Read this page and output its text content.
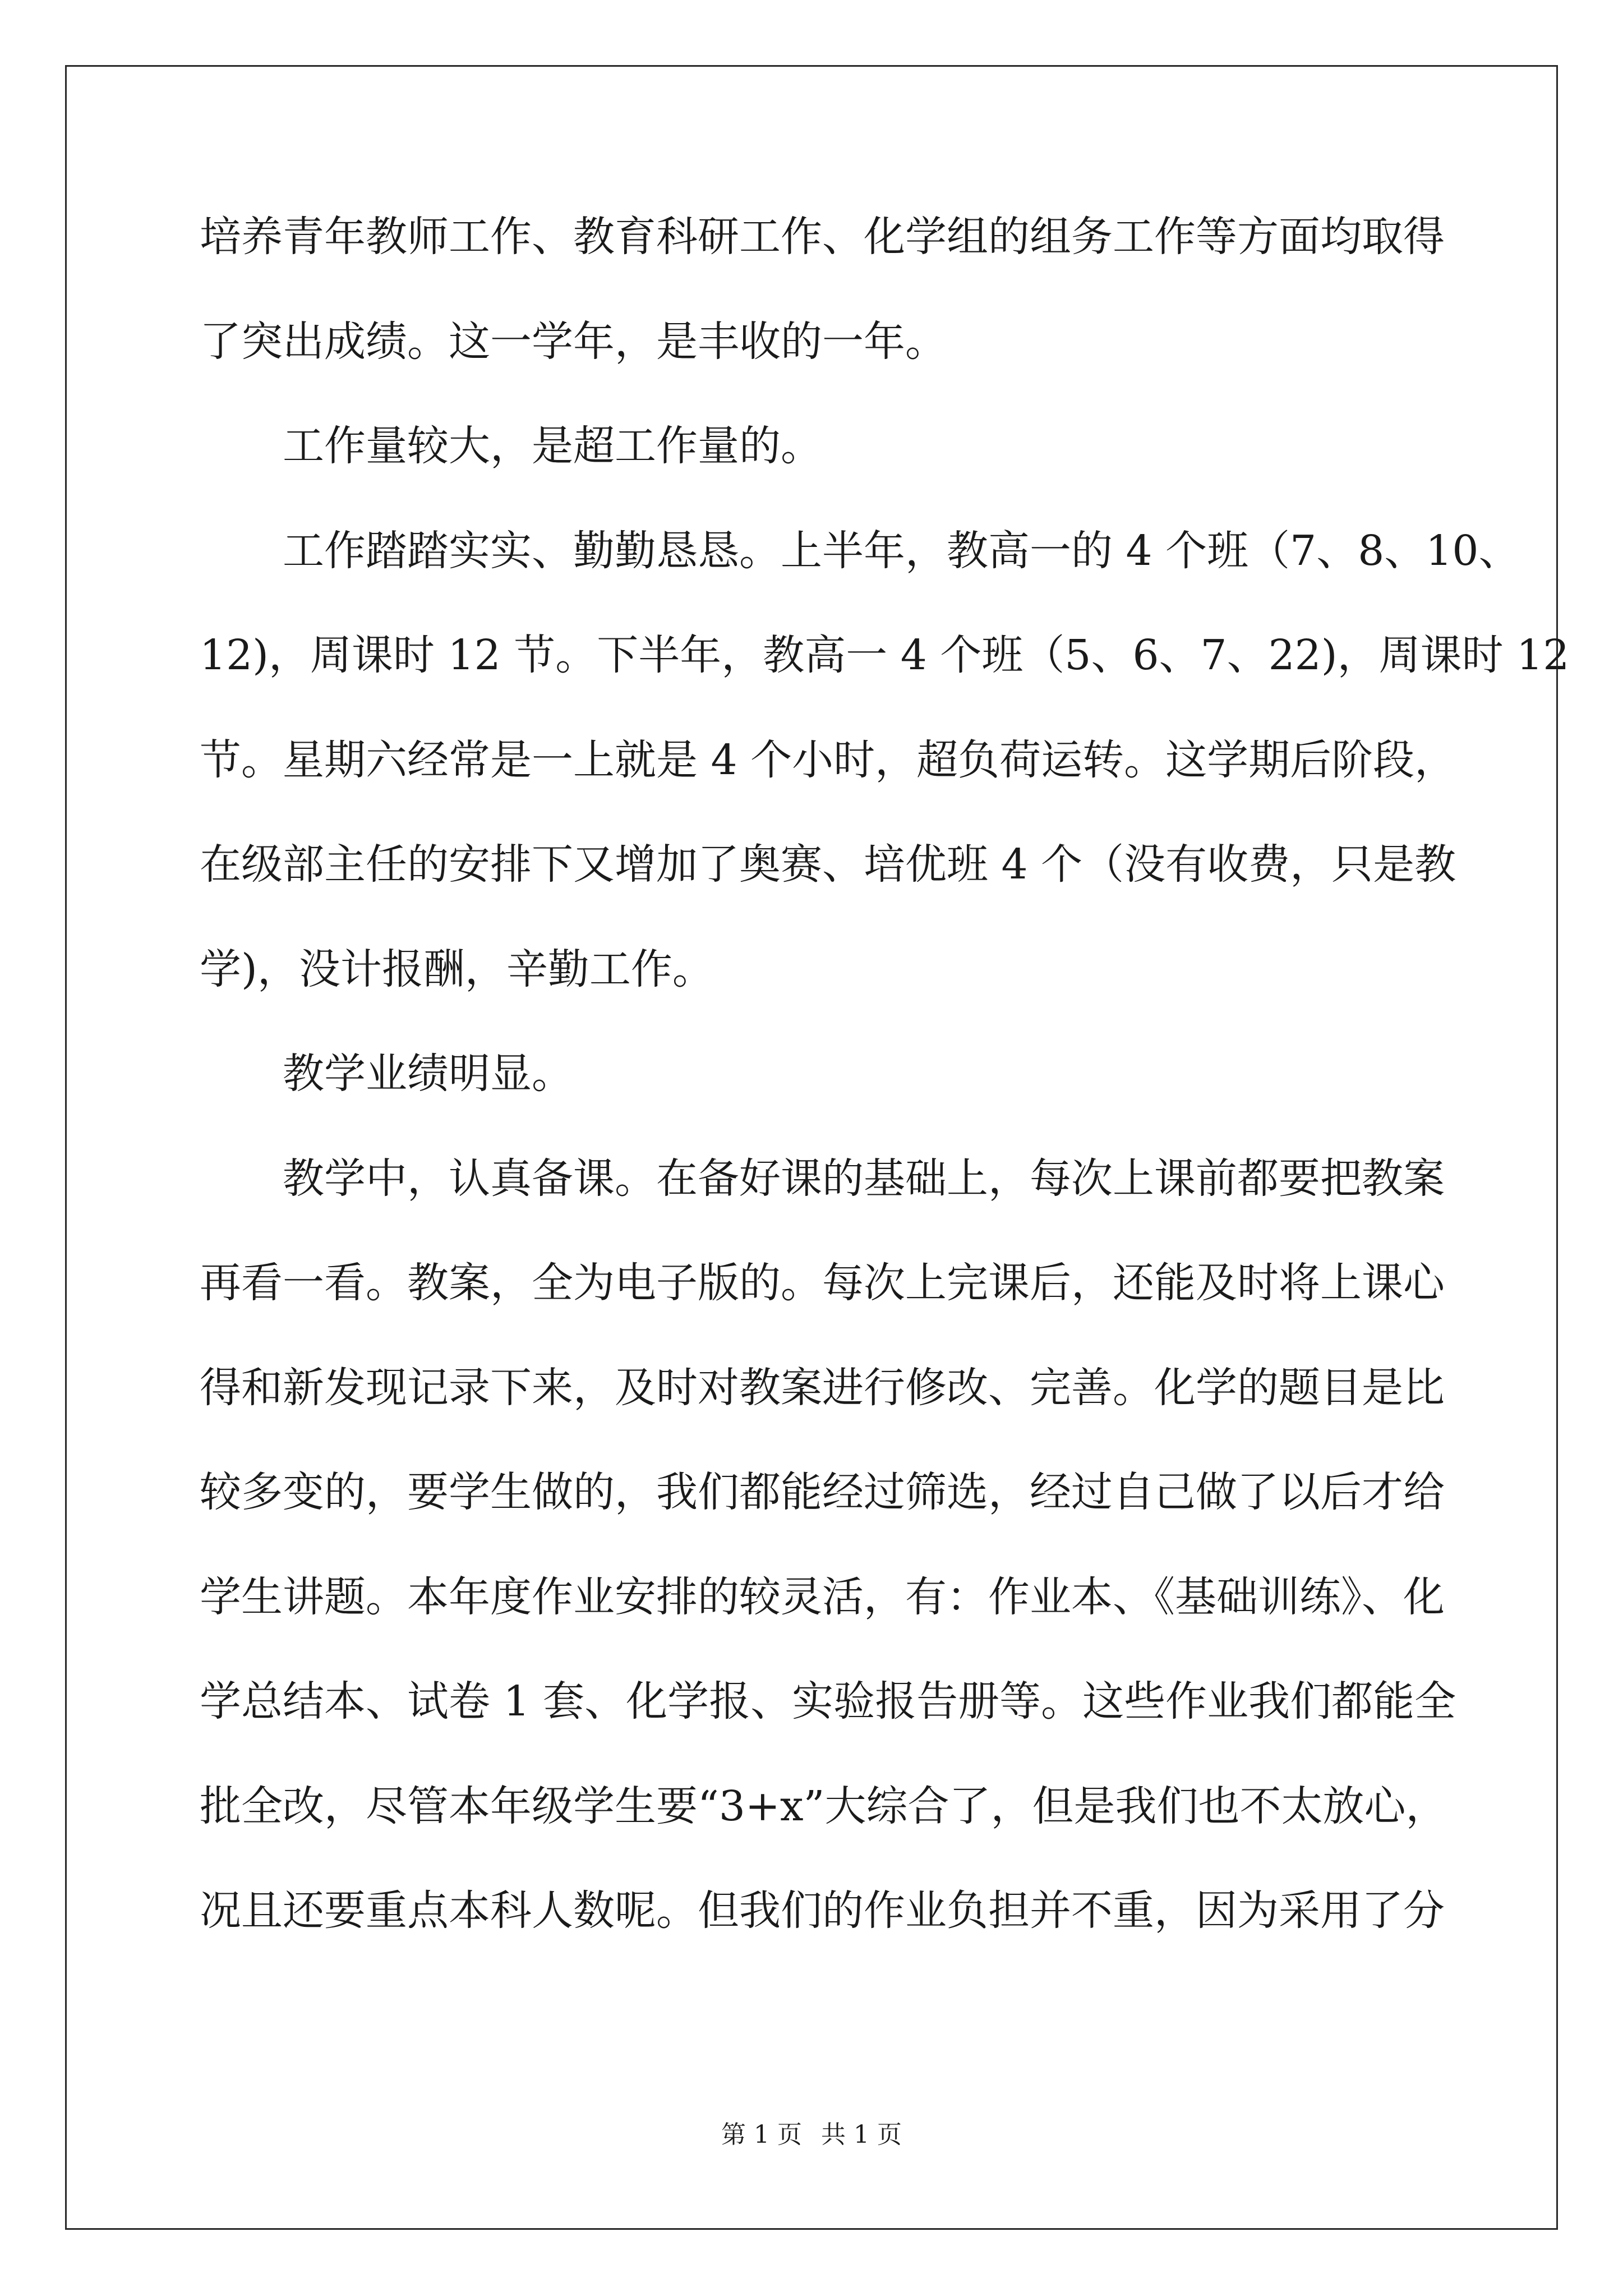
培养青年教师工作、教育科研工作、化学组的组务工作等方面均取得
了突出成绩。这一学年，是丰收的一年。
工作量较大，是超工作量的。
工作踏踏实实、勤勤恳恳。上半年，教高一的 4 个班（7、8、10、
12)，周课时 12 节。下半年，教高一 4 个班（5、6、7、22)，周课时 12
节。星期六经常是一上就是 4 个小时，超负荷运转。这学期后阶段，
在级部主任的安排下又增加了奥赛、培优班 4 个（没有收费，只是教
学)，没计报酬，辛勤工作。
教学业绩明显。
教学中，认真备课。在备好课的基础上，每次上课前都要把教案
再看一看。教案，全为电子版的。每次上完课后，还能及时将上课心
得和新发现记录下来，及时对教案进行修改、完善。化学的题目是比
较多变的，要学生做的，我们都能经过筛选，经过自己做了以后才给
学生讲题。本年度作业安排的较灵活，有：作业本、《基础训练》、化
学总结本、试卷 1 套、化学报、实验报告册等。这些作业我们都能全
批全改，尽管本年级学生要“3+x”大综合了，但是我们也不太放心，
况且还要重点本科人数呢。但我们的作业负担并不重，因为采用了分
第 1 页 共 1 页
